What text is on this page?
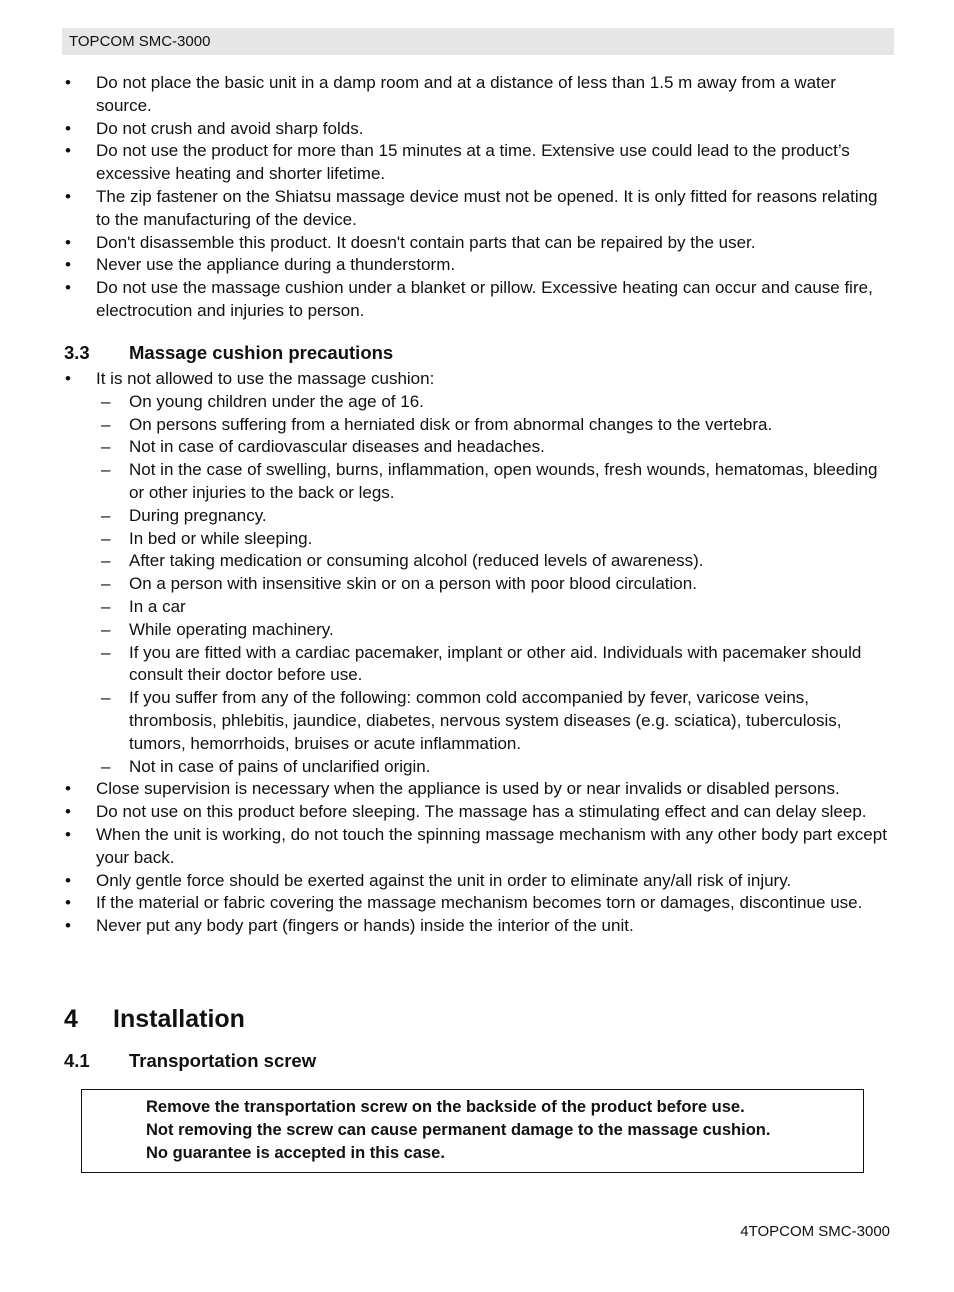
TOPCOM SMC-3000
• Do not place the basic unit in a damp room and at a distance of less than 1.5 m away from a water source.
• Do not crush and avoid sharp folds.
• Do not use the product for more than 15 minutes at a time. Extensive use could lead to the product’s excessive heating and shorter lifetime.
• The zip fastener on the Shiatsu massage device must not be opened. It is only fitted for reasons relating to the manufacturing of the device.
• Don't disassemble this product. It doesn't contain parts that can be repaired by the user.
• Never use the appliance during a thunderstorm.
• Do not use the massage cushion under a blanket or pillow. Excessive heating can occur and cause fire, electrocution and injuries to person.
3.3 Massage cushion precautions
• It is not allowed to use the massage cushion:
– On young children under the age of 16.
– On persons suffering from a herniated disk or from abnormal changes to the vertebra.
– Not in case of cardiovascular diseases and headaches.
– Not in the case of swelling, burns, inflammation, open wounds, fresh wounds, hematomas, bleeding or other injuries to the back or legs.
– During pregnancy.
– In bed or while sleeping.
– After taking medication or consuming alcohol (reduced levels of awareness).
– On a person with insensitive skin or on a person with poor blood circulation.
– In a car
– While operating machinery.
– If you are fitted with a cardiac pacemaker, implant or other aid. Individuals with pacemaker should consult their doctor before use.
– If you suffer from any of the following: common cold accompanied by fever, varicose veins, thrombosis, phlebitis, jaundice, diabetes, nervous system diseases (e.g. sciatica), tuberculosis, tumors, hemorrhoids, bruises or acute inflammation.
– Not in case of pains of unclarified origin.
• Close supervision is necessary when the appliance is used by or near invalids or disabled persons.
• Do not use on this product before sleeping. The massage has a stimulating effect and can delay sleep.
• When the unit is working, do not touch the spinning massage mechanism with any other body part except your back.
• Only gentle force should be exerted against the unit in order to eliminate any/all risk of injury.
• If the material or fabric covering the massage mechanism becomes torn or damages, discontinue use.
• Never put any body part (fingers or hands) inside the interior of the unit.
4 Installation
4.1 Transportation screw
Remove the transportation screw on the backside of the product before use.
Not removing the screw can cause permanent damage to the massage cushion.
No guarantee is accepted in this case.
4TOPCOM SMC-3000
